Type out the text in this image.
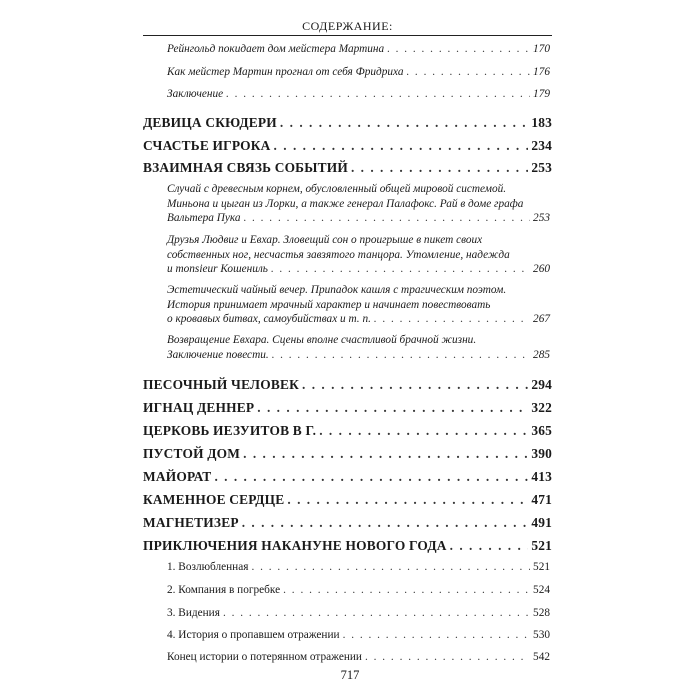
СОДЕРЖАНИЕ:
Рейнгольд покидает дом мейстера Мартина . . .	170
Как мейстер Мартин прогнал от себя Фридриха . . .	176
Заключение . . .	179
ДЕВИЦА СКЮДЕРИ . . .	183
СЧАСТЬЕ ИГРОКА . . .	234
ВЗАИМНАЯ СВЯЗЬ СОБЫТИЙ . . .	253
Случай с древесным корнем, обусловленный общей мировой системой.
Миньона и цыган из Лорки, а также генерал Палафокс. Рай в доме графа
Вальтера Пука . . .	253
Друзья Людвиг и Евхар. Зловещий сон о проигрыше в пикет своих
собственных ног, несчастья завзятого танцора. Утомление, надежда
и monsieur Кошениль . . .	260
Эстетический чайный вечер. Припадок кашля с трагическим поэтом.
История принимает мрачный характер и начинает повествовать
о кровавых битвах, самоубийствах и т. п. . . .	267
Возвращение Евхара. Сцены вполне счастливой брачной жизни.
Заключение повести. . . .	285
ПЕСОЧНЫЙ ЧЕЛОВЕК . . .	294
ИГНАЦ ДЕННЕР . . .	322
ЦЕРКОВЬ ИЕЗУИТОВ В Г. . . .	365
ПУСТОЙ ДОМ . . .	390
МАЙОРАТ . . .	413
КАМЕННОЕ СЕРДЦЕ . . .	471
МАГНЕТИЗЕР . . .	491
ПРИКЛЮЧЕНИЯ НАКАНУНЕ НОВОГО ГОДА . . .	521
1. Возлюбленная . . .	521
2. Компания в погребке . . .	524
3. Видения . . .	528
4. История о пропавшем отражении . . .	530
Конец истории о потерянном отражении . . .	542
717
